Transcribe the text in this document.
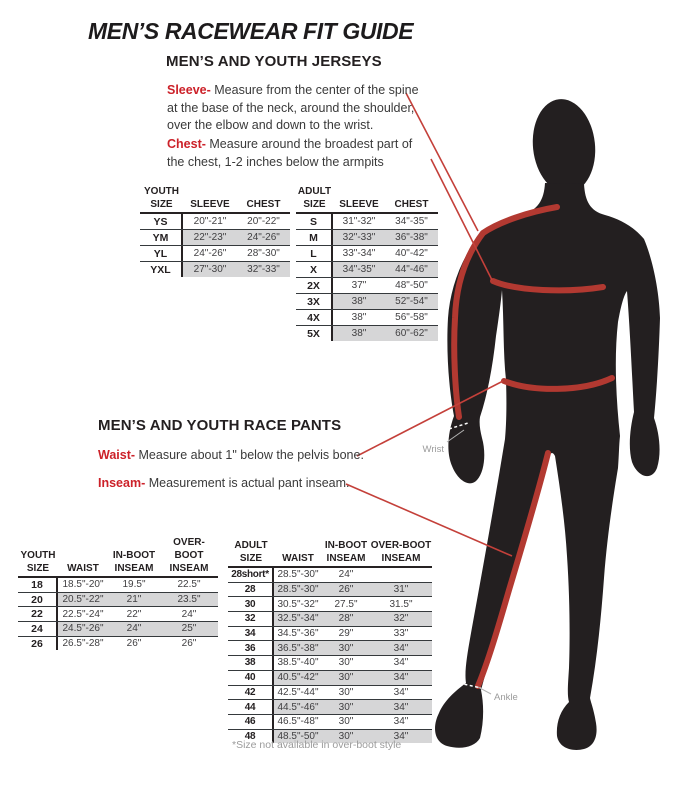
Wrist
Ankle
MEN’S RACEWEAR FIT GUIDE
MEN’S AND YOUTH JERSEYS
Sleeve- Measure from the center of the spine at the base of the neck, around the shoulder, over the elbow and down to the wrist.
Chest- Measure around the broadest part of the chest, 1-2 inches below the armpits
YOUTH
SIZE SLEEVE CHEST
YS	20"-21"	20"-22"
YM	22"-23"	24"-26"
YL	24"-26"	28"-30"
YXL	27"-30"	32"-33"
ADULT
SIZE SLEEVE CHEST
S	31"-32"	34"-35"
M	32"-33"	36"-38"
L	33"-34"	40"-42"
X	34"-35"	44"-46"
2X	37"	48"-50"
3X	38"	52"-54"
4X	38"	56"-58"
5X	38"	60"-62"
MEN’S AND YOUTH RACE PANTS
Waist- Measure about 1" below the pelvis bone.
Inseam- Measurement is actual pant inseam.
YOUTH
SIZE WAIST
IN-BOOT
INSEAM
OVER-BOOT
INSEAM
18	18.5"-20"	19.5"	22.5"
20	20.5"-22"	21"	23.5"
22	22.5"-24"	22"	24"
24	24.5"-26"	24"	25"
26	26.5"-28"	26"	26"
ADULT
SIZE WAIST
IN-BOOT
INSEAM
OVER-BOOT
INSEAM
28short* 28.5"-30"	24"
28	28.5"-30"	26"	31"
30	30.5"-32"	27.5"	31.5"
32	32.5"-34"	28"	32"
34	34.5"-36"	29"	33"
36	36.5"-38"	30"	34"
38	38.5"-40"	30"	34"
40	40.5"-42"	30"	34"
42	42.5"-44"	30"	34"
44	44.5"-46"	30"	34"
46	46.5"-48"	30"	34"
48	48.5"-50"	30"	34"
*Size not available in over-boot style
